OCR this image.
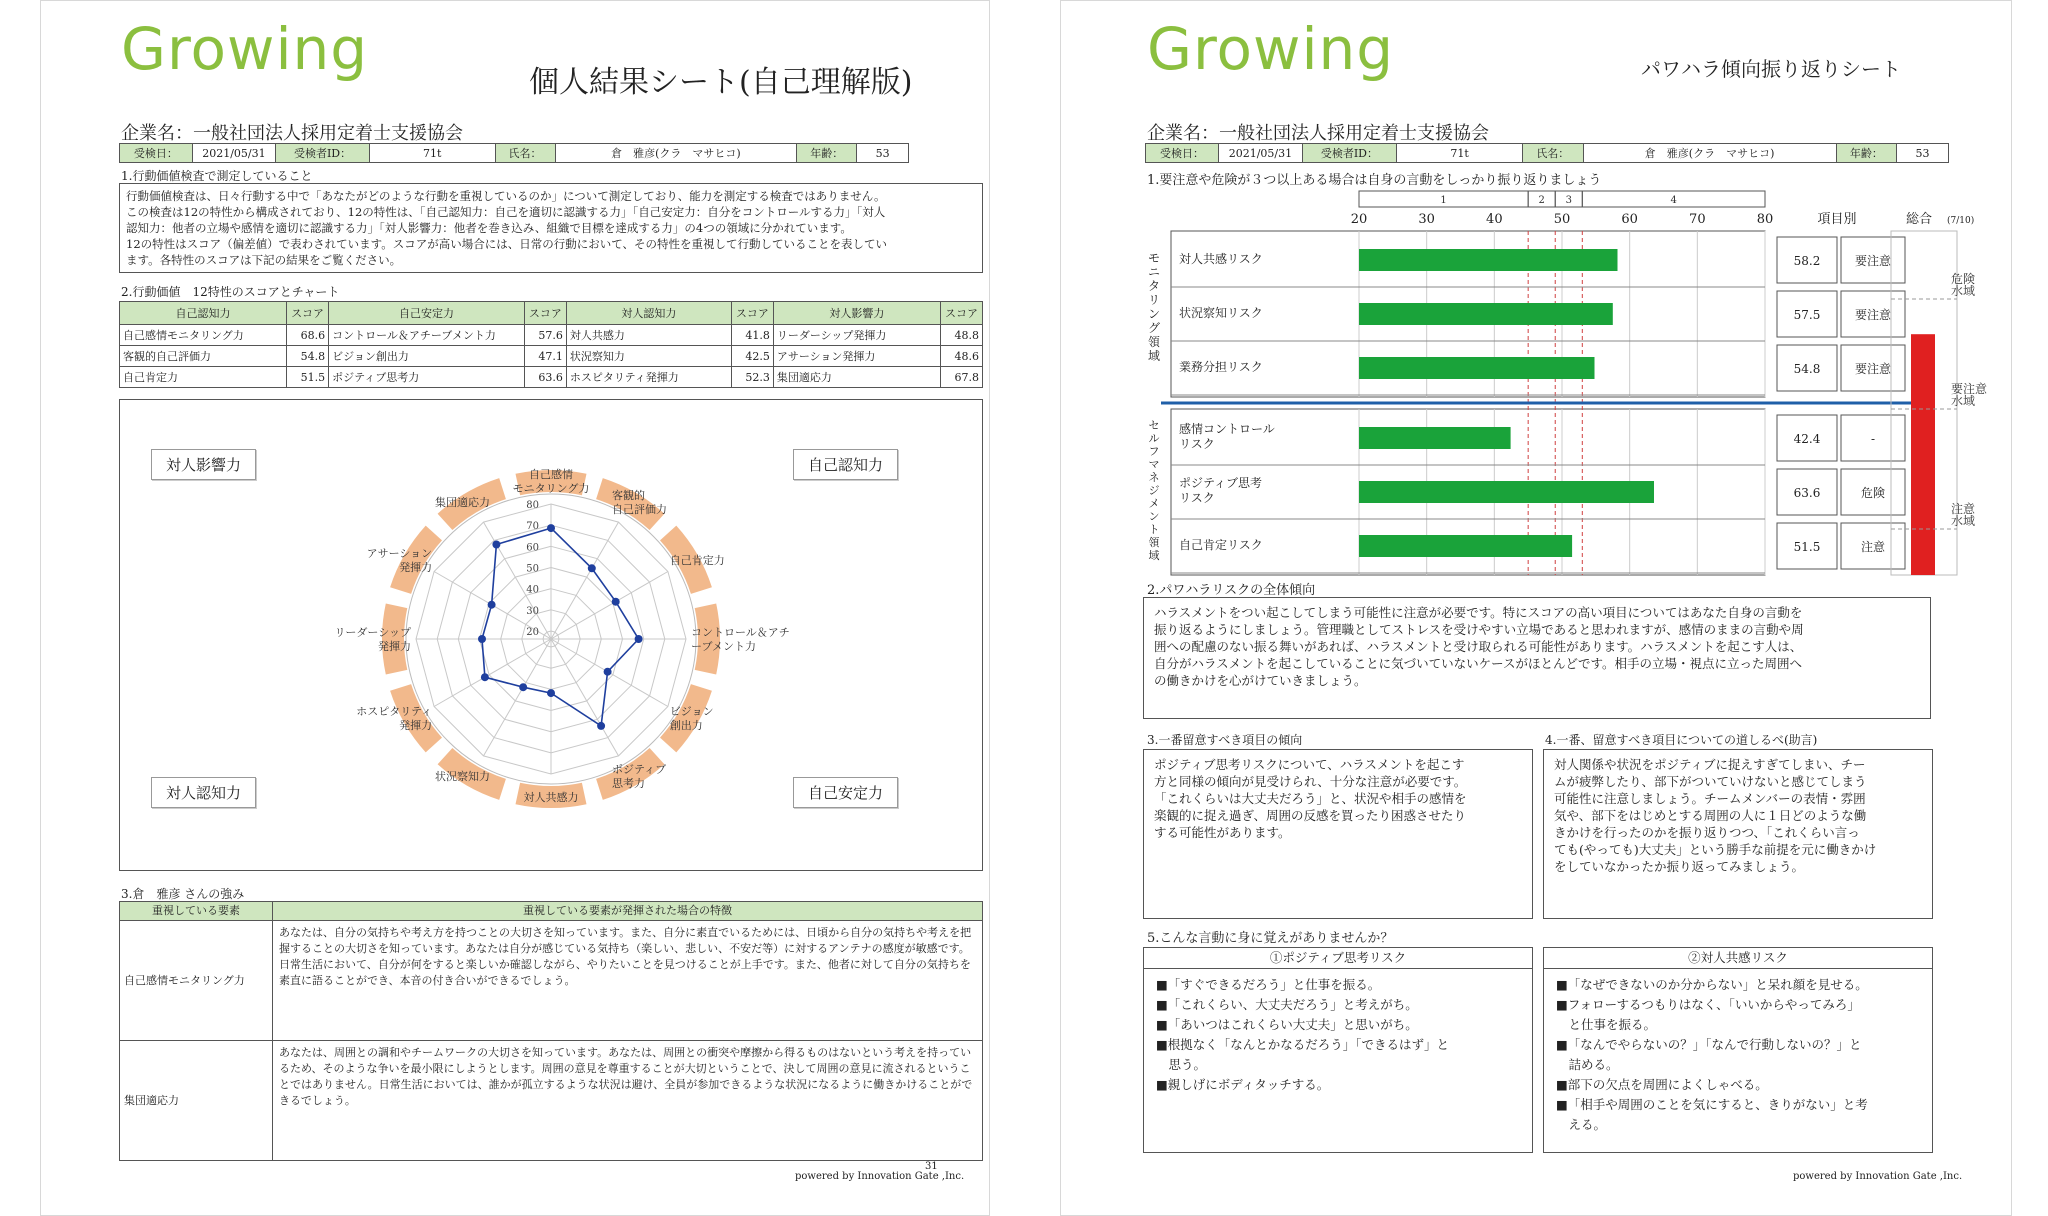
Growing	個人結果シート(自己理解版)
企業名：一般社団法人採用定着士支援協会
受検日：	2021/05/31	受検者ID：	71t	氏名：	倉　雅彦(クラ　マサヒコ)	年齢：	53
1.行動価値検査で測定していること
行動価値検査は、日々行動する中で「あなたがどのような行動を重視しているのか」について測定しており、能力を測定する検査ではありません。
この検査は12の特性から構成されており、12の特性は、「自己認知力：自己を適切に認識する力」「自己安定力：自分をコントロールする力」「対人
認知力：他者の立場や感情を適切に認識する力」「対人影響力：他者を巻き込み、組織で目標を達成する力」の4つの領域に分かれています。
12の特性はスコア（偏差値）で表わされています。スコアが高い場合には、日常の行動において、その特性を重視して行動していることを表してい
ます。各特性のスコアは下記の結果をご覧ください。
2.行動価値　12特性のスコアとチャート
自己認知力	スコア	自己安定力	スコア	対人認知力	スコア	対人影響力	スコア
自己感情モニタリング力	68.6	コントロール＆アチーブメント力	57.6	対人共感力	41.8	リーダーシップ発揮力	48.8
客観的自己評価力	54.8	ビジョン創出力	47.1	状況察知力	42.5	アサーション発揮力	48.6
自己肯定力	51.5	ポジティブ思考力	63.6	ホスピタリティ発揮力	52.3	集団適応力	67.8
80
70
60
50
40
30
20
自己感情モニタリング力
客観的自己評価力
自己肯定力
コントロール＆アチーブメント力
ビジョン創出力
ポジティブ思考力
対人共感力
状況察知力
ホスピタリティ発揮力
リーダーシップ発揮力
アサーション発揮力
集団適応力
対人影響力	自己認知力
対人認知力	自己安定力
3.倉　雅彦 さんの強み
重視している要素	重視している要素が発揮された場合の特徴
自己感情モニタリング力	あなたは、自分の気持ちや考え方を持つことの大切さを知っています。また、自分に素直でいるためには、日頃から自分の気持ちや考えを把握することの大切さを知っています。あなたは自分が感じている気持ち（楽しい、悲しい、不安だ等）に対するアンテナの感度が敏感です。日常生活において、自分が何をすると楽しいか確認しながら、やりたいことを見つけることが上手です。また、他者に対して自分の気持ちを素直に語ることができ、本音の付き合いができるでしょう。
集団適応力	あなたは、周囲との調和やチームワークの大切さを知っています。あなたは、周囲との衝突や摩擦から得るものはないという考えを持っているため、そのような争いを最小限にしようとします。周囲の意見を尊重することが大切ということで、決して周囲の意見に流されるということではありません。日常生活においては、誰かが孤立するような状況は避け、全員が参加できるような状況になるように働きかけることができるでしょう。
powered by Innovation Gate ,Inc.
31
Growing	パワハラ傾向振り返りシート
企業名：一般社団法人採用定着士支援協会
受検日：	2021/05/31	受検者ID：	71t	氏名：	倉　雅彦(クラ　マサヒコ)	年齢：	53
1.要注意や危険が３つ以上ある場合は自身の言動をしっかり振り返りましょう
1	2 3	4
20	30	40	50	60	70	80	項目別	総合 (7/10)
対人共感リスク	58.2	要注意
状況察知リスク	57.5	要注意
業務分担リスク	54.8	要注意
感情コントロールリスク	42.4	-
ポジティブ思考リスク	63.6	危険
自己肯定リスク	51.5	注意
危険水域
要注意水域
注意水域
モニタリング領域
セルフマネジメント領域
2.パワハラリスクの全体傾向
ハラスメントをつい起こしてしまう可能性に注意が必要です。特にスコアの高い項目についてはあなた自身の言動を
振り返るようにしましょう。管理職としてストレスを受けやすい立場であると思われますが、感情のままの言動や周
囲への配慮のない振る舞いがあれば、ハラスメントと受け取られる可能性があります。ハラスメントを起こす人は、
自分がハラスメントを起こしていることに気づいていないケースがほとんどです。相手の立場・視点に立った周囲へ
の働きかけを心がけていきましょう。
3.一番留意すべき項目の傾向
ポジティブ思考リスクについて、ハラスメントを起こす
方と同様の傾向が見受けられ、十分な注意が必要です。
「これくらいは大丈夫だろう」と、状況や相手の感情を
楽観的に捉え過ぎ、周囲の反感を買ったり困惑させたり
する可能性があります。
4.一番、留意すべき項目についての道しるべ(助言)
対人関係や状況をポジティブに捉えすぎてしまい、チー
ムが疲弊したり、部下がついていけないと感じてしまう
可能性に注意しましょう。チームメンバーの表情・雰囲
気や、部下をはじめとする周囲の人に１日どのような働
きかけを行ったのかを振り返りつつ、「これくらい言っ
ても(やっても)大丈夫」という勝手な前提を元に働きかけ
をしていなかったか振り返ってみましょう。
5.こんな言動に身に覚えがありませんか？
①ポジティブ思考リスク
■「すぐできるだろう」と仕事を振る。
■「これくらい、大丈夫だろう」と考えがち。
■「あいつはこれくらい大丈夫」と思いがち。
■根拠なく「なんとかなるだろう」「できるはず」と
　思う。
■親しげにボディタッチする。
②対人共感リスク
■「なぜできないのか分からない」と呆れ顔を見せる。
■フォローするつもりはなく、「いいからやってみろ」
　と仕事を振る。
■「なんでやらないの？」「なんで行動しないの？」と
　詰める。
■部下の欠点を周囲によくしゃべる。
■「相手や周囲のことを気にすると、きりがない」と考
　える。
powered by Innovation Gate ,Inc.
